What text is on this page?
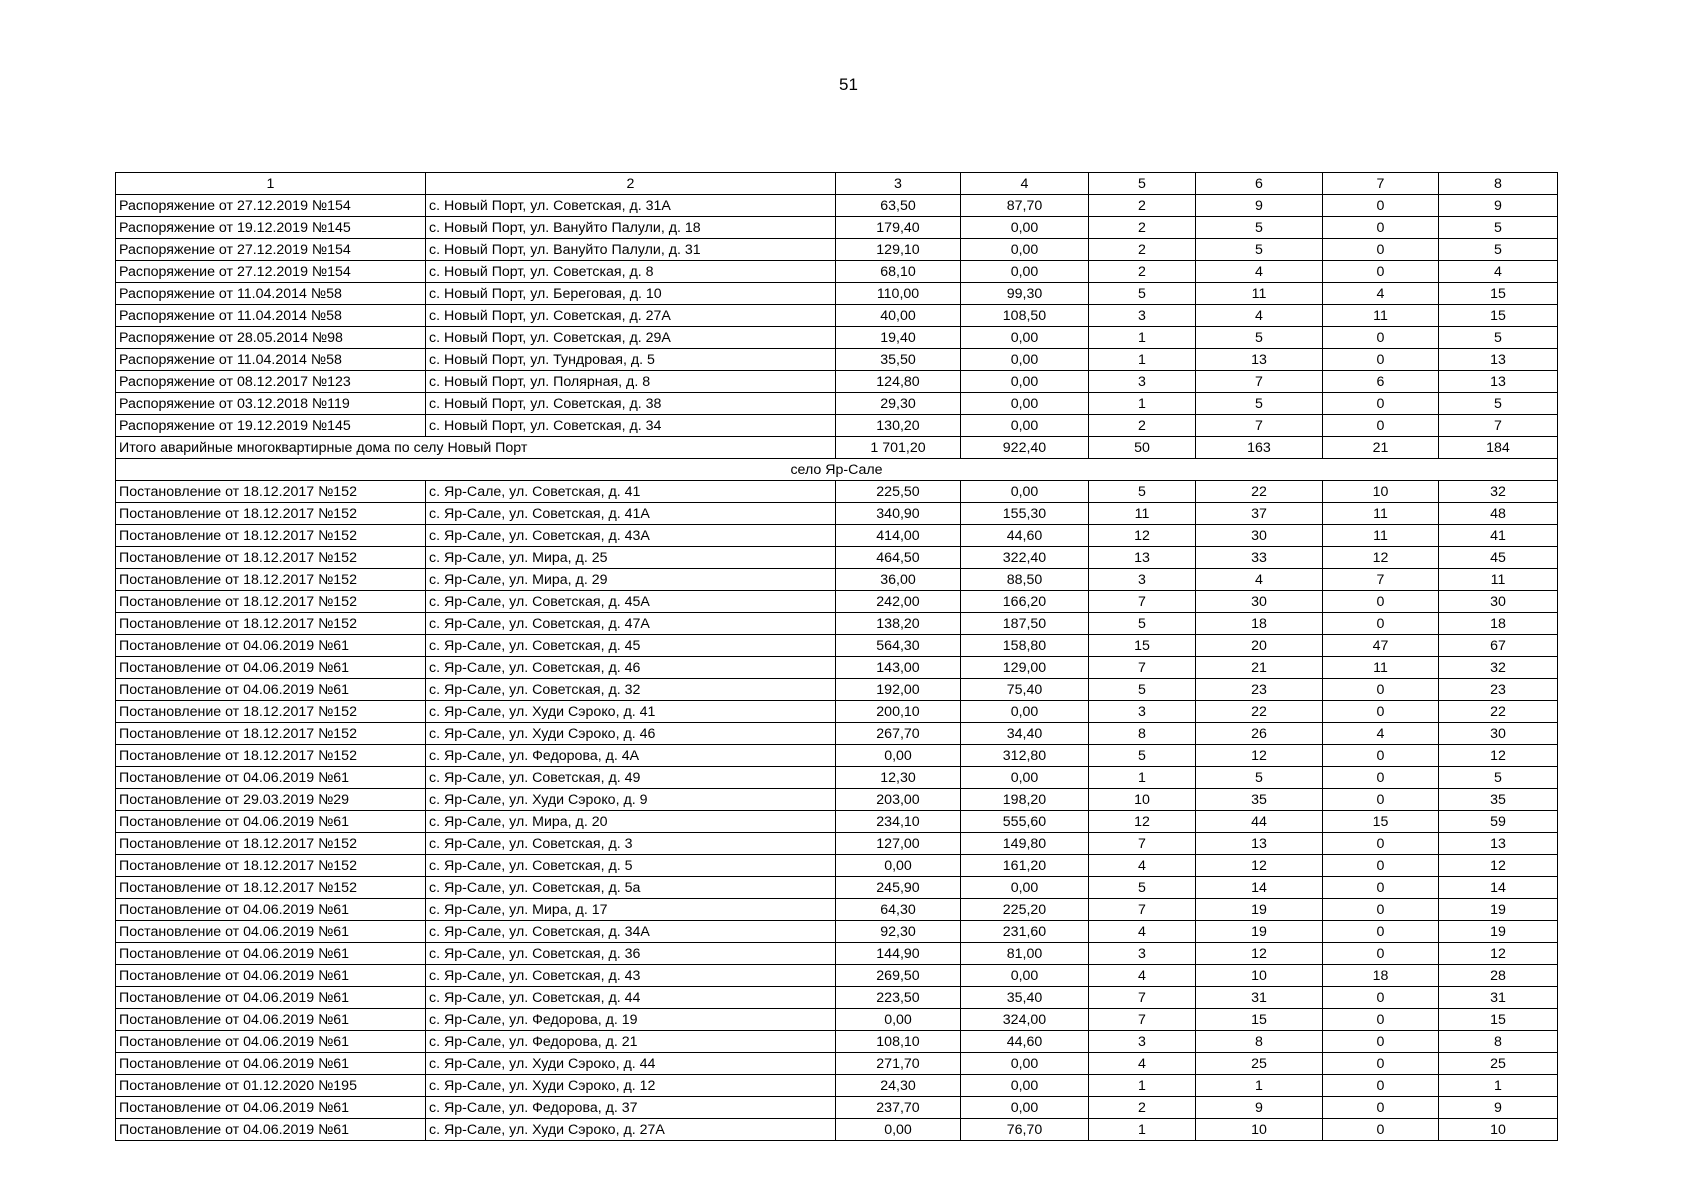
51
1	2	3	4	5	6	7	8
Распоряжение от 27.12.2019 №154	с. Новый Порт, ул. Советская, д. 31А	63,50	87,70	2	9	0	9
Распоряжение от 19.12.2019 №145	с. Новый Порт, ул. Вануйто Палули, д. 18	179,40	0,00	2	5	0	5
Распоряжение от 27.12.2019 №154	с. Новый Порт, ул. Вануйто Палули, д. 31	129,10	0,00	2	5	0	5
Распоряжение от 27.12.2019 №154	с. Новый Порт, ул. Советская, д. 8	68,10	0,00	2	4	0	4
Распоряжение от 11.04.2014 №58	с. Новый Порт, ул. Береговая, д. 10	110,00	99,30	5	11	4	15
Распоряжение от 11.04.2014 №58	с. Новый Порт, ул. Советская, д. 27А	40,00	108,50	3	4	11	15
Распоряжение от 28.05.2014 №98	с. Новый Порт, ул. Советская, д. 29А	19,40	0,00	1	5	0	5
Распоряжение от 11.04.2014 №58	с. Новый Порт, ул. Тундровая, д. 5	35,50	0,00	1	13	0	13
Распоряжение от 08.12.2017 №123	с. Новый Порт, ул. Полярная, д. 8	124,80	0,00	3	7	6	13
Распоряжение от 03.12.2018 №119	с. Новый Порт, ул. Советская, д. 38	29,30	0,00	1	5	0	5
Распоряжение от 19.12.2019 №145	с. Новый Порт, ул. Советская, д. 34	130,20	0,00	2	7	0	7
Итого аварийные многоквартирные дома по селу Новый Порт		1 701,20	922,40	50	163	21	184
село Яр-Сале							
Постановление от 18.12.2017 №152	с. Яр-Сале, ул. Советская, д. 41	225,50	0,00	5	22	10	32
Постановление от 18.12.2017 №152	с. Яр-Сале, ул. Советская, д. 41А	340,90	155,30	11	37	11	48
Постановление от 18.12.2017 №152	с. Яр-Сале, ул. Советская, д. 43А	414,00	44,60	12	30	11	41
Постановление от 18.12.2017 №152	с. Яр-Сале, ул. Мира, д. 25	464,50	322,40	13	33	12	45
Постановление от 18.12.2017 №152	с. Яр-Сале, ул. Мира, д. 29	36,00	88,50	3	4	7	11
Постановление от 18.12.2017 №152	с. Яр-Сале, ул. Советская, д. 45А	242,00	166,20	7	30	0	30
Постановление от 18.12.2017 №152	с. Яр-Сале, ул. Советская, д. 47А	138,20	187,50	5	18	0	18
Постановление от 04.06.2019 №61	с. Яр-Сале, ул. Советская, д. 45	564,30	158,80	15	20	47	67
Постановление от 04.06.2019 №61	с. Яр-Сале, ул. Советская, д. 46	143,00	129,00	7	21	11	32
Постановление от 04.06.2019 №61	с. Яр-Сале, ул. Советская, д. 32	192,00	75,40	5	23	0	23
Постановление от 18.12.2017 №152	с. Яр-Сале, ул. Худи Сэроко, д. 41	200,10	0,00	3	22	0	22
Постановление от 18.12.2017 №152	с. Яр-Сале, ул. Худи Сэроко, д. 46	267,70	34,40	8	26	4	30
Постановление от 18.12.2017 №152	с. Яр-Сале, ул. Федорова, д. 4А	0,00	312,80	5	12	0	12
Постановление от 04.06.2019 №61	с. Яр-Сале, ул. Советская, д. 49	12,30	0,00	1	5	0	5
Постановление от 29.03.2019 №29	с. Яр-Сале, ул. Худи Сэроко, д. 9	203,00	198,20	10	35	0	35
Постановление от 04.06.2019 №61	с. Яр-Сале, ул. Мира, д. 20	234,10	555,60	12	44	15	59
Постановление от 18.12.2017 №152	с. Яр-Сале, ул. Советская, д. 3	127,00	149,80	7	13	0	13
Постановление от 18.12.2017 №152	с. Яр-Сале, ул. Советская, д. 5	0,00	161,20	4	12	0	12
Постановление от 18.12.2017 №152	с. Яр-Сале, ул. Советская, д. 5а	245,90	0,00	5	14	0	14
Постановление от 04.06.2019 №61	с. Яр-Сале, ул. Мира, д. 17	64,30	225,20	7	19	0	19
Постановление от 04.06.2019 №61	с. Яр-Сале, ул. Советская, д. 34А	92,30	231,60	4	19	0	19
Постановление от 04.06.2019 №61	с. Яр-Сале, ул. Советская, д. 36	144,90	81,00	3	12	0	12
Постановление от 04.06.2019 №61	с. Яр-Сале, ул. Советская, д. 43	269,50	0,00	4	10	18	28
Постановление от 04.06.2019 №61	с. Яр-Сале, ул. Советская, д. 44	223,50	35,40	7	31	0	31
Постановление от 04.06.2019 №61	с. Яр-Сале, ул. Федорова, д. 19	0,00	324,00	7	15	0	15
Постановление от 04.06.2019 №61	с. Яр-Сале, ул. Федорова, д. 21	108,10	44,60	3	8	0	8
Постановление от 04.06.2019 №61	с. Яр-Сале, ул. Худи Сэроко, д. 44	271,70	0,00	4	25	0	25
Постановление от 01.12.2020 №195	с. Яр-Сале, ул. Худи Сэроко, д. 12	24,30	0,00	1	1	0	1
Постановление от 04.06.2019 №61	с. Яр-Сале, ул. Федорова, д. 37	237,70	0,00	2	9	0	9
Постановление от 04.06.2019 №61	с. Яр-Сале, ул. Худи Сэроко, д. 27А	0,00	76,70	1	10	0	10
